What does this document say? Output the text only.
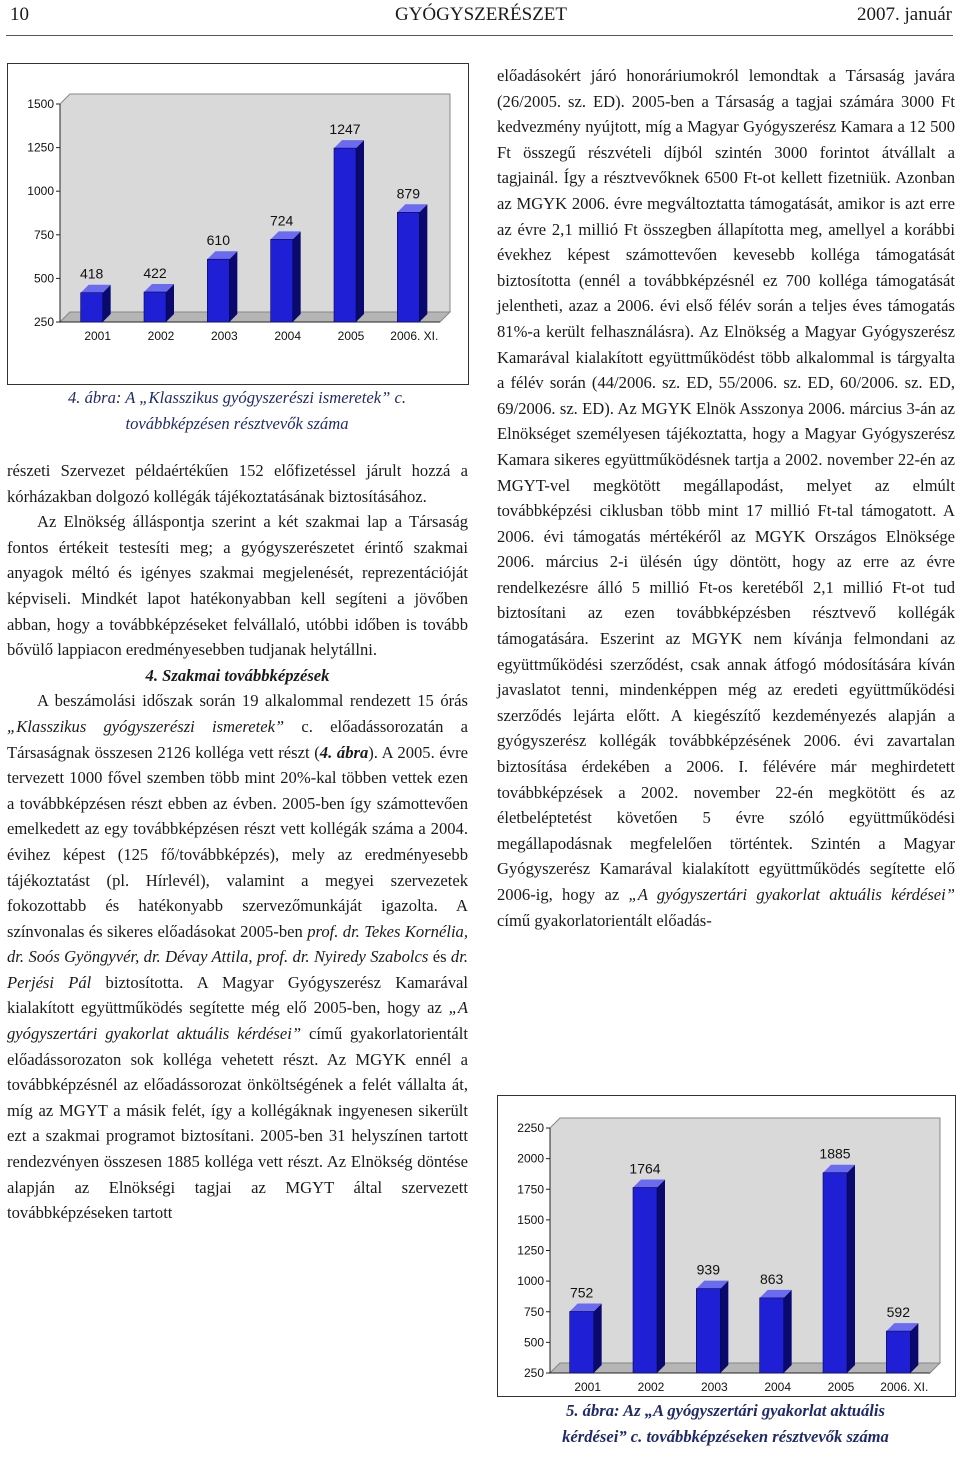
10	GYÓGYSZERÉSZET	2007. január
1500
1250
1000
750
500
250
418
2001
422
2002
610
2003
724
2004
1247
2005
879
2006. XI.
4. ábra: A „Klasszikus gyógyszerészi ismeretek” c.
továbbképzésen résztvevők száma

részeti Szervezet példaértékűen 152 előfizetéssel járult hozzá a kórházakban dolgozó kollégák tájékoztatásának biztosításához.

Az Elnökség álláspontja szerint a két szakmai lap a Társaság fontos értékeit testesíti meg; a gyógyszerészetet érintő szakmai anyagok méltó és igényes szakmai megjelenését, reprezentációját képviseli. Mindkét lapot hatékonyabban kell segíteni a jövőben abban, hogy a továbbképzéseket felvállaló, utóbbi időben is tovább bővülő lappiacon eredményesebben tudjanak helytállni.

4. Szakmai továbbképzések

A beszámolási időszak során 19 alkalommal rendezett 15 órás „Klasszikus gyógyszerészi ismeretek” c. előadássorozatán a Társaságnak összesen 2126 kolléga vett részt (4. ábra). A 2005. évre tervezett 1000 fővel szemben több mint 20%-kal többen vettek ezen a továbbképzésen részt ebben az évben. 2005-ben így számottevően emelkedett az egy továbbképzésen részt vett kollégák száma a 2004. évihez képest (125 fő/továbbképzés), mely az eredményesebb tájékoztatást (pl. Hírlevél), valamint a megyei szervezetek fokozottabb és hatékonyabb szervezőmunkáját igazolta. A színvonalas és sikeres előadásokat 2005-ben prof. dr. Tekes Kornélia, dr. Soós Gyöngyvér, dr. Dévay Attila, prof. dr. Nyiredy Szabolcs és dr. Perjési Pál biztosította. A Magyar Gyógyszerész Kamarával kialakított együttműködés segítette még elő 2005-ben, hogy az „A gyógyszertári gyakorlat aktuális kérdései” című gyakorlatorientált előadássorozaton sok kolléga vehetett részt. Az MGYK ennél a továbbképzésnél az előadássorozat önköltségének a felét vállalta át, míg az MGYT a másik felét, így a kollégáknak ingyenesen sikerült ezt a szakmai programot biztosítani. 2005-ben 31 helyszínen tartott rendezvényen összesen 1885 kolléga vett részt. Az Elnökség döntése alapján az Elnökségi tagjai az MGYT által szervezett továbbképzéseken tartott

előadásokért járó honoráriumokról lemondtak a Társaság javára (26/2005. sz. ED). 2005-ben a Társaság a tagjai számára 3000 Ft kedvezmény nyújtott, míg a Magyar Gyógyszerész Kamara a 12 500 Ft összegű részvételi díjból szintén 3000 forintot átvállalt a tagjainál. Így a résztvevőknek 6500 Ft-ot kellett fizetniük. Azonban az MGYK 2006. évre megváltoztatta támogatását, amikor is azt erre az évre 2,1 millió Ft összegben állapította meg, amellyel a korábbi évekhez képest számottevően kevesebb kolléga támogatását biztosította (ennél a továbbképzésnél ez 700 kolléga támogatását jelentheti, azaz a 2006. évi első félév során a teljes éves támogatás 81%-a került felhasználásra). Az Elnökség a Magyar Gyógyszerész Kamarával kialakított együttműködést több alkalommal is tárgyalta a félév során (44/2006. sz. ED, 55/2006. sz. ED, 60/2006. sz. ED, 69/2006. sz. ED). Az MGYK Elnök Asszonya 2006. március 3-án az Elnökséget személyesen tájékoztatta, hogy a Magyar Gyógyszerész Kamara sikeres együttműködésnek tartja a 2002. november 22-én az MGYT-vel megkötött megállapodást, melyet az elmúlt továbbképzési ciklusban több mint 17 millió Ft-tal támogatott. A 2006. évi támogatás mértékéről az MGYK Országos Elnöksége 2006. március 2-i ülésén úgy döntött, hogy az erre az évre rendelkezésre álló 5 millió Ft-os keretéből 2,1 millió Ft-ot tud biztosítani az ezen továbbképzésben résztvevő kollégák támogatására. Eszerint az MGYK nem kívánja felmondani az együttműködési szerződést, csak annak átfogó módosítására kíván javaslatot tenni, mindenképpen még az eredeti együttműködési szerződés lejárta előtt. A kiegészítő kezdeményezés alapján a gyógyszerész kollégák továbbképzésének 2006. évi zavartalan biztosítása érdekében a 2006. I. félévére már meghirdetett továbbképzések a 2002. november 22-én megkötött és az életbeléptetést követően 5 évre szóló együttműködési megállapodásnak megfelelően történtek. Szintén a Magyar Gyógyszerész Kamarával kialakított együttműködés segítette elő 2006-ig, hogy az „A gyógyszertári gyakorlat aktuális kérdései” című gyakorlatorientált előadás-

2250
2000
1750
1500
1250
1000
750
500
250
752
2001
1764
2002
939
2003
863
2004
1885
2005
592
2006. XI.
5. ábra: Az „A gyógyszertári gyakorlat aktuális
kérdései” c. továbbképzéseken résztvevők száma
